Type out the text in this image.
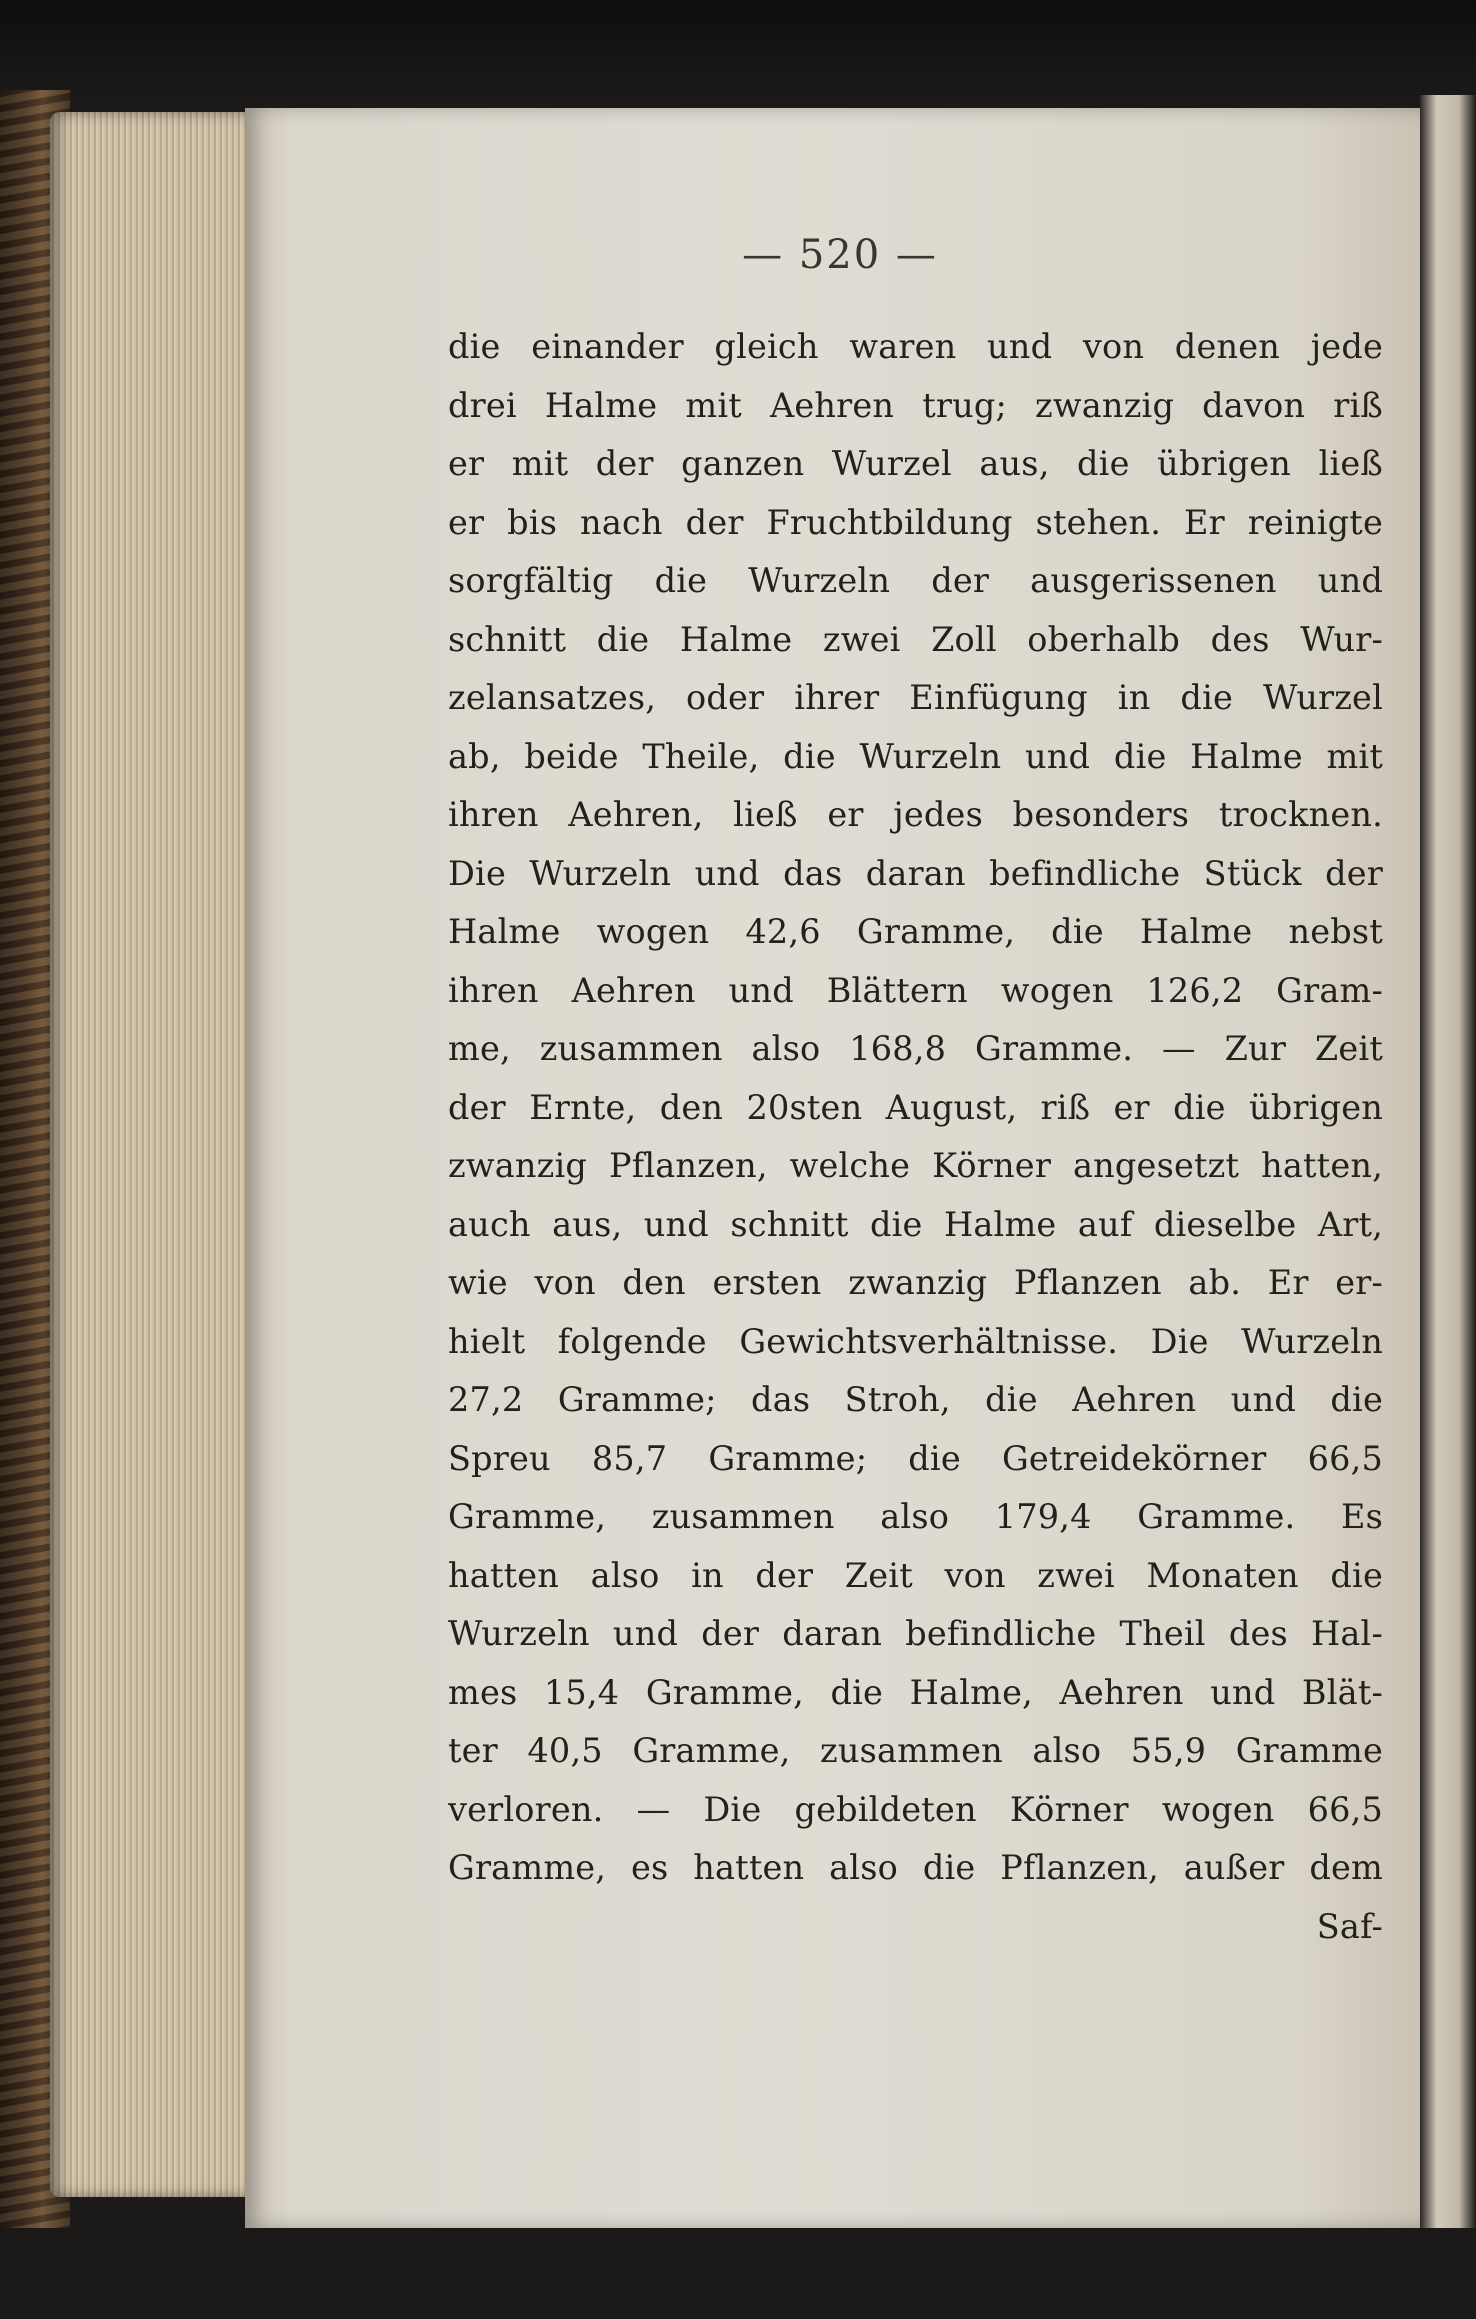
— 520 —
die einander gleich waren und von denen jede
drei Halme mit Aehren trug; zwanzig davon riß
er mit der ganzen Wurzel aus, die übrigen ließ
er bis nach der Fruchtbildung stehen. Er reinigte
sorgfältig die Wurzeln der ausgerissenen und
schnitt die Halme zwei Zoll oberhalb des Wur-
zelansatzes, oder ihrer Einfügung in die Wurzel
ab, beide Theile, die Wurzeln und die Halme mit
ihren Aehren, ließ er jedes besonders trocknen.
Die Wurzeln und das daran befindliche Stück der
Halme wogen 42,6 Gramme, die Halme nebst
ihren Aehren und Blättern wogen 126,2 Gram-
me, zusammen also 168,8 Gramme. — Zur Zeit
der Ernte, den 20sten August, riß er die übrigen
zwanzig Pflanzen, welche Körner angesetzt hatten,
auch aus, und schnitt die Halme auf dieselbe Art,
wie von den ersten zwanzig Pflanzen ab. Er er-
hielt folgende Gewichtsverhältnisse. Die Wurzeln
27,2 Gramme; das Stroh, die Aehren und die
Spreu 85,7 Gramme; die Getreidekörner 66,5
Gramme, zusammen also 179,4 Gramme. Es
hatten also in der Zeit von zwei Monaten die
Wurzeln und der daran befindliche Theil des Hal-
mes 15,4 Gramme, die Halme, Aehren und Blät-
ter 40,5 Gramme, zusammen also 55,9 Gramme
verloren. — Die gebildeten Körner wogen 66,5
Gramme, es hatten also die Pflanzen, außer dem
Saf-
